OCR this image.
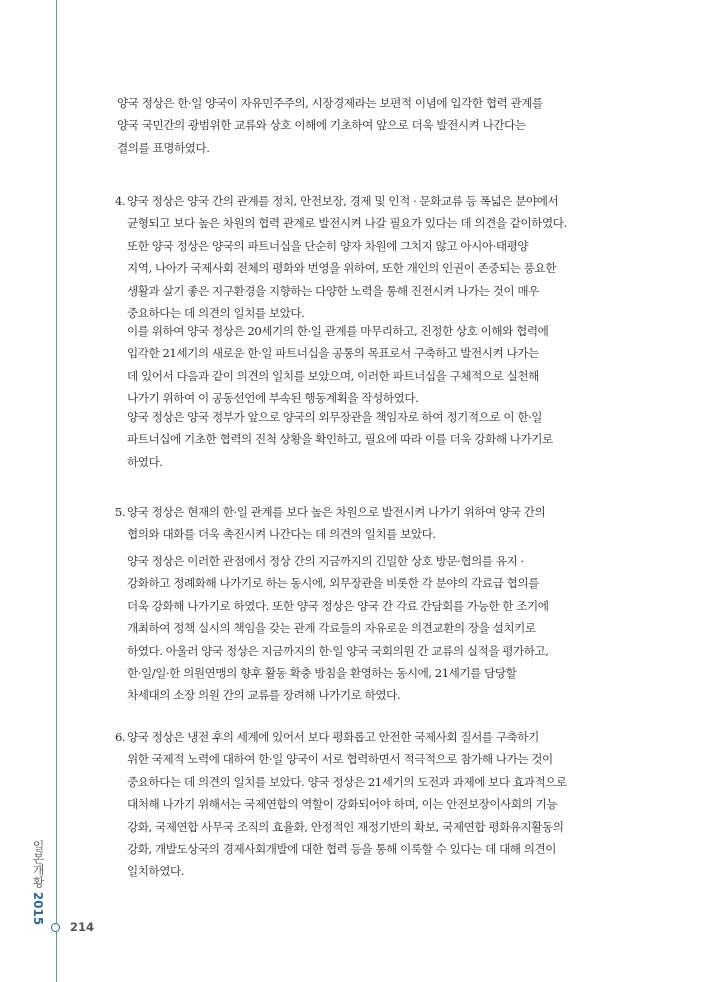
양국 정상은 한·일 양국이 자유민주주의, 시장경제라는 보편적 이념에 입각한 협력 관계를
양국 국민간의 광범위한 교류와 상호 이해에 기초하여 앞으로 더욱 발전시켜 나간다는
결의를 표명하였다.

4. 양국 정상은 양국 간의 관계를 정치, 안전보장, 경제 및 인적 · 문화교류 등 폭넓은 분야에서
균형되고 보다 높은 차원의 협력 관계로 발전시켜 나갈 필요가 있다는 데 의견을 같이하였다.
또한 양국 정상은 양국의 파트너십을 단순히 양자 차원에 그치지 않고 아시아·태평양
지역, 나아가 국제사회 전체의 평화와 번영을 위하여, 또한 개인의 인권이 존중되는 풍요한
생활과 살기 좋은 지구환경을 지향하는 다양한 노력을 통해 진전시켜 나가는 것이 매우
중요하다는 데 의견의 일치를 보았다.

이를 위하여 양국 정상은 20세기의 한·일 관계를 마무리하고, 진정한 상호 이해와 협력에
입각한 21세기의 새로운 한·일 파트너십을 공통의 목표로서 구축하고 발전시켜 나가는
데 있어서 다음과 같이 의견의 일치를 보았으며, 이러한 파트너십을 구체적으로 실천해
나가기 위하여 이 공동선언에 부속된 행동계획을 작성하였다.

양국 정상은 양국 정부가 앞으로 양국의 외무장관을 책임자로 하여 정기적으로 이 한·일
파트너십에 기초한 협력의 진척 상황을 확인하고, 필요에 따라 이를 더욱 강화해 나가기로
하였다.

5. 양국 정상은 현재의 한·일 관계를 보다 높은 차원으로 발전시켜 나가기 위하여 양국 간의
협의와 대화를 더욱 촉진시켜 나간다는 데 의견의 일치를 보았다.

양국 정상은 이러한 관점에서 정상 간의 지금까지의 긴밀한 상호 방문·협의를 유지 ·
강화하고 정례화해 나가기로 하는 동시에, 외무장관을 비롯한 각 분야의 각료급 협의를
더욱 강화해 나가기로 하였다. 또한 양국 정상은 양국 간 각료 간담회를 가능한 한 조기에
개최하여 정책 실시의 책임을 갖는 관계 각료들의 자유로운 의견교환의 장을 설치키로
하였다. 아울러 양국 정상은 지금까지의 한·일 양국 국회의원 간 교류의 실적을 평가하고,
한·일/일·한 의원연맹의 향후 활동 확충 방침을 환영하는 동시에, 21세기를 담당할
차세대의 소장 의원 간의 교류를 장려해 나가기로 하였다.

6. 양국 정상은 냉전 후의 세계에 있어서 보다 평화롭고 안전한 국제사회 질서를 구축하기
위한 국제적 노력에 대하여 한·일 양국이 서로 협력하면서 적극적으로 참가해 나가는 것이
중요하다는 데 의견의 일치를 보았다. 양국 정상은 21세기의 도전과 과제에 보다 효과적으로
대처해 나가기 위해서는 국제연합의 역할이 강화되어야 하며, 이는 안전보장이사회의 기능
강화, 국제연합 사무국 조직의 효율화, 안정적인 재정기반의 확보, 국제연합 평화유지활동의
강화, 개발도상국의 경제사회개발에 대한 협력 등을 통해 이룩할 수 있다는 데 대해 의견이
일치하였다.

일본개황 2015
214
